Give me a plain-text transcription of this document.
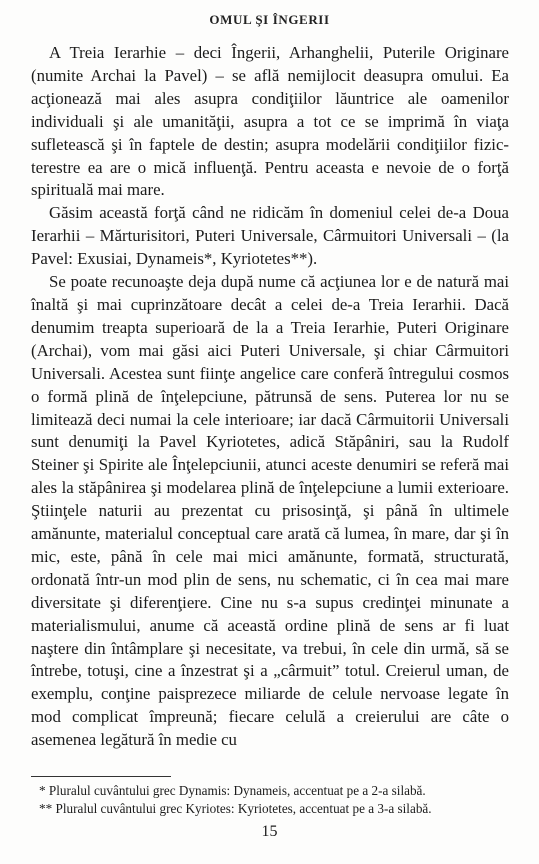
OMUL ŞI ÎNGERII

A Treia Ierarhie – deci Îngerii, Arhanghelii, Puterile Originare (numite Archai la Pavel) – se află nemijlocit deasupra omului. Ea acţionează mai ales asupra condiţiilor lăuntrice ale oamenilor individuali şi ale umanităţii, asupra a tot ce se imprimă în viaţa sufletească şi în faptele de destin; asupra modelării condiţiilor fizic-terestre ea are o mică influenţă. Pentru aceasta e nevoie de o forţă spirituală mai mare.

Găsim această forţă când ne ridicăm în domeniul celei de-a Doua Ierarhii – Mărturisitori, Puteri Universale, Cârmuitori Universali – (la Pavel: Exusiai, Dynameis*, Kyriotetes**).

Se poate recunoaşte deja după nume că acţiunea lor e de natură mai înaltă şi mai cuprinzătoare decât a celei de-a Treia Ierarhii. Dacă denumim treapta superioară de la a Treia Ierarhie, Puteri Originare (Archai), vom mai găsi aici Puteri Universale, şi chiar Cârmuitori Universali. Acestea sunt fiinţe angelice care conferă întregului cosmos o formă plină de înţelepciune, pătrunsă de sens. Puterea lor nu se limitează deci numai la cele interioare; iar dacă Cârmuitorii Universali sunt denumiţi la Pavel Kyriotetes, adică Stăpâniri, sau la Rudolf Steiner şi Spirite ale Înţelepciunii, atunci aceste denumiri se referă mai ales la stăpânirea şi modelarea plină de înţelepciune a lumii exterioare. Ştiinţele naturii au prezentat cu prisosinţă, şi până în ultimele amănunte, materialul conceptual care arată că lumea, în mare, dar şi în mic, este, până în cele mai mici amănunte, formată, structurată, ordonată într-un mod plin de sens, nu schematic, ci în cea mai mare diversitate şi diferenţiere. Cine nu s-a supus credinţei minunate a materialismului, anume că această ordine plină de sens ar fi luat naştere din întâmplare şi necesitate, va trebui, în cele din urmă, să se întrebe, totuşi, cine a înzestrat şi a „cârmuit” totul. Creierul uman, de exemplu, conţine paisprezece miliarde de celule nervoase legate în mod complicat împreună; fiecare celulă a creierului are câte o asemenea legătură în medie cu

* Pluralul cuvântului grec Dynamis: Dynameis, accentuat pe a 2-a silabă.

** Pluralul cuvântului grec Kyriotes: Kyriotetes, accentuat pe a 3-a silabă.

15
